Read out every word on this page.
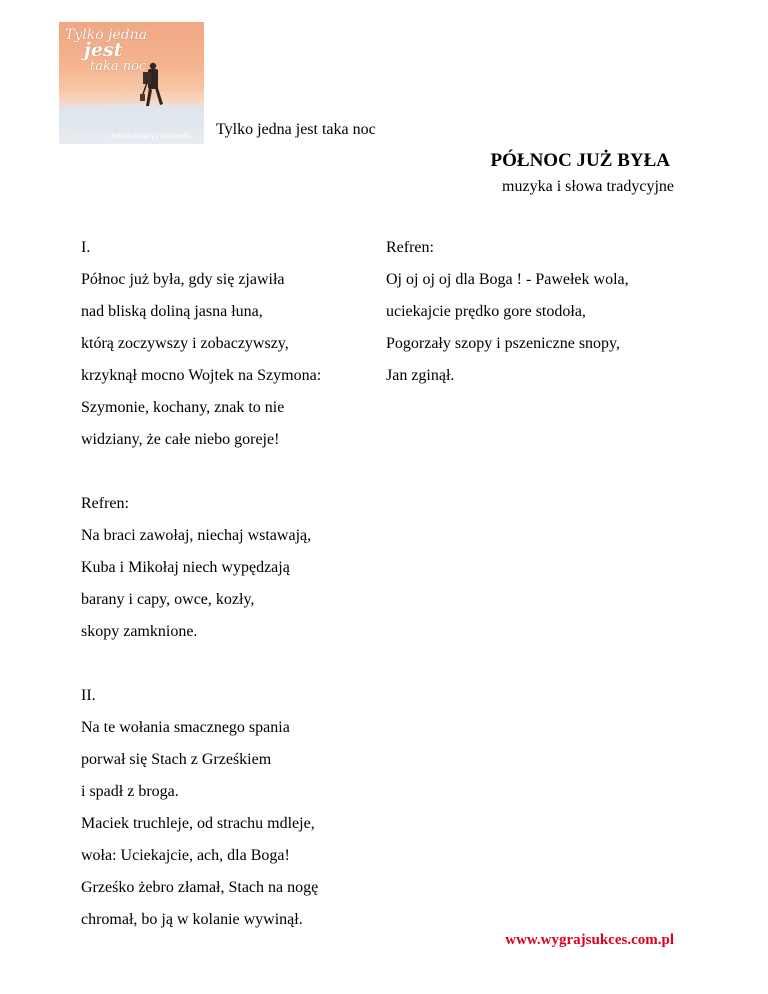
Tylko jedna
jest
taka noc
Polskie kolędy i pastorałki Tylko jedna jest taka noc
PÓŁNOC JUŻ BYŁA
muzyka i słowa tradycyjne
I.
Północ już była, gdy się zjawiła
nad bliską doliną jasna łuna,
którą zoczywszy i zobaczywszy,
krzyknął mocno Wojtek na Szymona:
Szymonie, kochany, znak to nie
widziany, że całe niebo goreje!
Refren:
Na braci zawołaj, niechaj wstawają,
Kuba i Mikołaj niech wypędzają
barany i capy, owce, kozły,
skopy zamknione.
II.
Na te wołania smacznego spania
porwał się Stach z Grześkiem
i spadł z broga.
Maciek truchleje, od strachu mdleje,
woła: Uciekajcie, ach, dla Boga!
Grześko żebro złamał, Stach na nogę
chromał, bo ją w kolanie wywinął.
Refren:
Oj oj oj oj dla Boga ! - Pawełek wola,
uciekajcie prędko gore stodoła,
Pogorzały szopy i pszeniczne snopy,
Jan zginął.
www.wygrajsukces.com.pl
